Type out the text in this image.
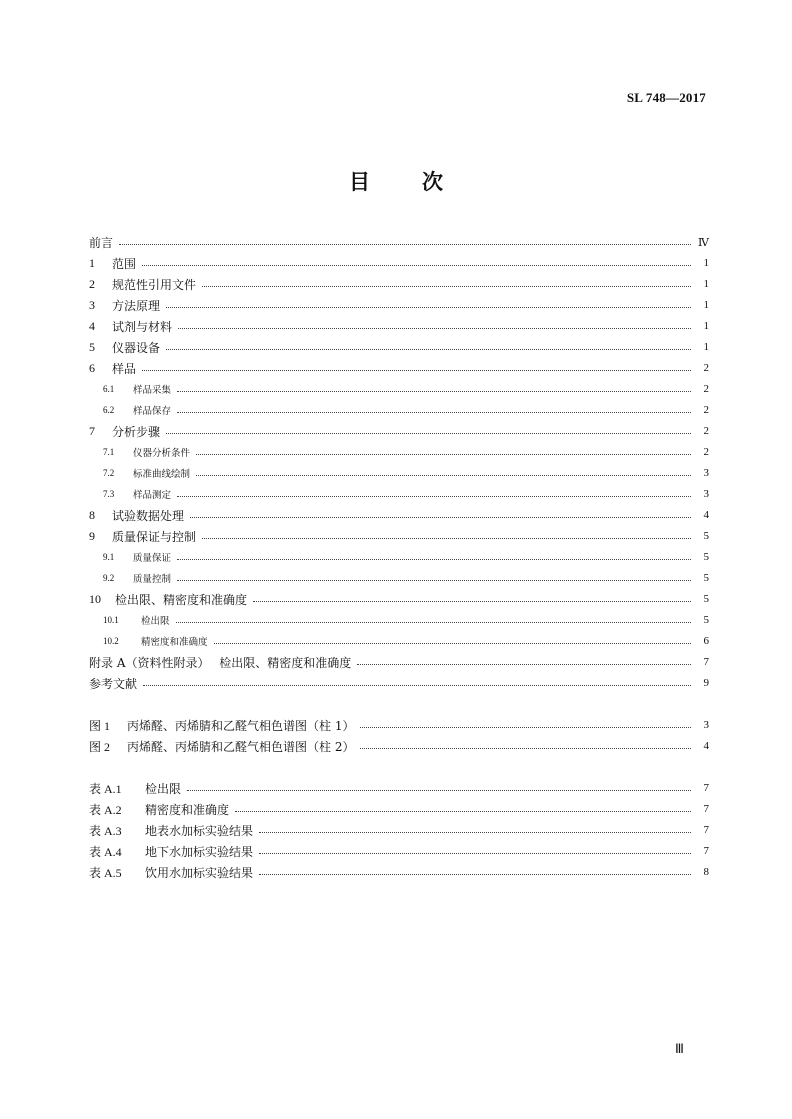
SL 748—2017
目 次
前言	Ⅳ
1	范围	1
2	规范性引用文件	1
3	方法原理	1
4	试剂与材料	1
5	仪器设备	1
6	样品	2
6.1	样品采集	2
6.2	样品保存	2
7	分析步骤	2
7.1	仪器分析条件	2
7.2	标准曲线绘制	3
7.3	样品测定	3
8	试验数据处理	4
9	质量保证与控制	5
9.1	质量保证	5
9.2	质量控制	5
10	检出限、精密度和准确度	5
10.1	检出限	5
10.2	精密度和准确度	6
附录 A（资料性附录）　 检出限、精密度和准确度	7
参考文献	9
图 1	丙烯醛、丙烯腈和乙醛气相色谱图（柱 1）	3
图 2	丙烯醛、丙烯腈和乙醛气相色谱图（柱 2）	4
表 A.1	检出限	7
表 A.2	精密度和准确度	7
表 A.3	地表水加标实验结果	7
表 A.4	地下水加标实验结果	7
表 A.5	饮用水加标实验结果	8
Ⅲ
